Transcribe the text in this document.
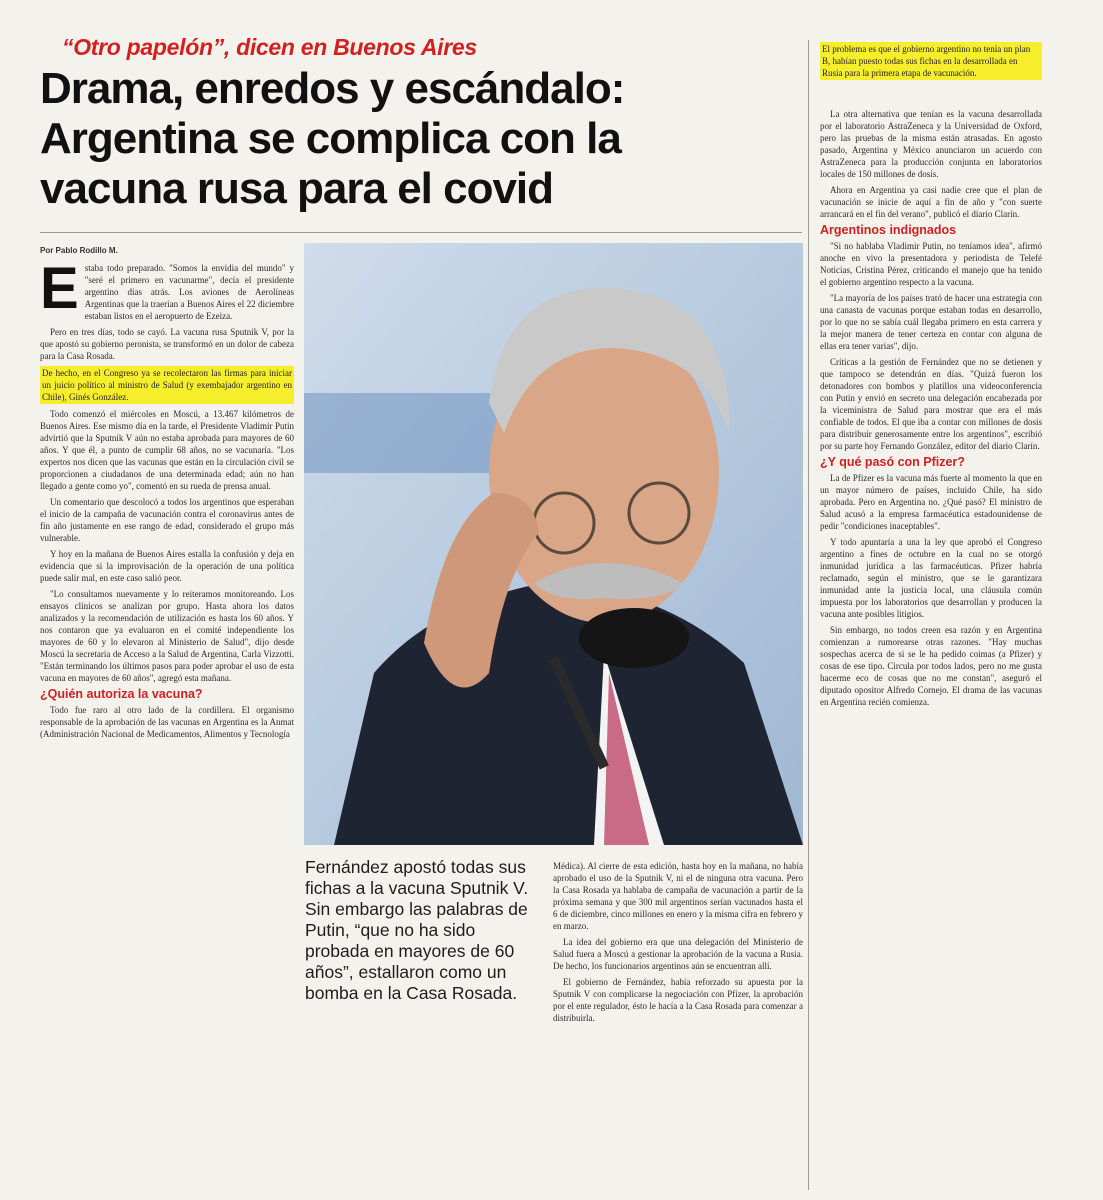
“Otro papelón”, dicen en Buenos Aires
Drama, enredos y escándalo:
Argentina se complica con la
vacuna rusa para el covid
Por Pablo Rodillo M.

Estaba todo preparado. "Somos la envidia del mundo" y "seré el primero en vacunarme", decía el presidente argentino días atrás. Los aviones de Aerolíneas Argentinas que la traerían a Buenos Aires el 22 diciembre estaban listos en el aeropuerto de Ezeiza.

Pero en tres días, todo se cayó. La vacuna rusa Sputnik V, por la que apostó su gobierno peronista, se transformó en un dolor de cabeza para la Casa Rosada.

De hecho, en el Congreso ya se recolectaron las firmas para iniciar un juicio político al ministro de Salud (y exembajador argentino en Chile), Ginés González.

Todo comenzó el miércoles en Moscú, a 13.467 kilómetros de Buenos Aires. Ese mismo día en la tarde, el Presidente Vladimir Putin advirtió que la Sputnik V aún no estaba aprobada para mayores de 60 años. Y que él, a punto de cumplir 68 años, no se vacunaría. "Los expertos nos dicen que las vacunas que están en la circulación civil se proporcionen a ciudadanos de una determinada edad; aún no han llegado a gente como yo", comentó en su rueda de prensa anual.

Un comentario que descolocó a todos los argentinos que esperaban el inicio de la campaña de vacunación contra el coronavirus antes de fin año justamente en ese rango de edad, considerado el grupo más vulnerable.

Y hoy en la mañana de Buenos Aires estalla la confusión y deja en evidencia que si la improvisación de la operación de una política puede salir mal, en este caso salió peor.

"Lo consultamos nuevamente y lo reiteramos monitoreando. Los ensayos clínicos se analizan por grupo. Hasta ahora los datos analizados y la recomendación de utilización es hasta los 60 años. Y nos contaron que ya evaluaron en el comité independiente los mayores de 60 y lo elevaron al Ministerio de Salud", dijo desde Moscú la secretaria de Acceso a la Salud de Argentina, Carla Vizzotti. "Están terminando los últimos pasos para poder aprobar el uso de esta vacuna en mayores de 60 años", agregó esta mañana.

¿Quién autoriza la vacuna?

Todo fue raro al otro lado de la cordillera. El organismo responsable de la aprobación de las vacunas en Argentina es la Anmat (Administración Nacional de Medicamentos, Alimentos y Tecnología

Fernández apostó todas sus fichas a la vacuna Sputnik V. Sin embargo las palabras de Putin, “que no ha sido probada en mayores de 60 años”, estallaron como un bomba en la Casa Rosada.

Médica). Al cierre de esta edición, hasta hoy en la mañana, no había aprobado el uso de la Sputnik V, ni el de ninguna otra vacuna. Pero la Casa Rosada ya hablaba de campaña de vacunación a partir de la próxima semana y que 300 mil argentinos serían vacunados hasta el 6 de diciembre, cinco millones en enero y la misma cifra en febrero y en marzo.

La idea del gobierno era que una delegación del Ministerio de Salud fuera a Moscú a gestionar la aprobación de la vacuna a Rusia. De hecho, los funcionarios argentinos aún se encuentran allí.

El gobierno de Fernández, había reforzado su apuesta por la Sputnik V con complicarse la negociación con Pfizer, la aprobación por el ente regulador, ésto le hacía a la Casa Rosada para comenzar a distribuirla.

El problema es que el gobierno argentino no tenía un plan B, habían puesto todas sus fichas en la desarrollada en Rusia para la primera etapa de vacunación.

La otra alternativa que tenían es la vacuna desarrollada por el laboratorio AstraZeneca y la Universidad de Oxford, pero las pruebas de la misma están atrasadas. En agosto pasado, Argentina y México anunciaron un acuerdo con AstraZeneca para la producción conjunta en laboratorios locales de 150 millones de dosis.

Ahora en Argentina ya casi nadie cree que el plan de vacunación se inicie de aquí a fin de año y "con suerte arrancará en el fin del verano", publicó el diario Clarín.

Argentinos indignados

"Si no hablaba Vladimir Putin, no teníamos idea", afirmó anoche en vivo la presentadora y periodista de Telefé Noticias, Cristina Pérez, criticando el manejo que ha tenido el gobierno argentino respecto a la vacuna.

"La mayoría de los países trató de hacer una estrategia con una canasta de vacunas porque estaban todas en desarrollo, por lo que no se sabía cuál llegaba primero en esta carrera y la mejor manera de tener certeza en contar con alguna de ellas era tener varias", dijo.

Críticas a la gestión de Fernández que no se detienen y que tampoco se detendrán en días. "Quizá fueron los detonadores con bombos y platillos una videoconferencia con Putin y envió en secreto una delegación encabezada por la viceministra de Salud para mostrar que era el más confiable de todos. El que iba a contar con millones de dosis para distribuir generosamente entre los argentinos", escribió por su parte hoy Fernando González, editor del diario Clarín.

¿Y qué pasó con Pfizer?

La de Pfizer es la vacuna más fuerte al momento la que en un mayor número de países, incluido Chile, ha sido aprobada. Pero en Argentina no. ¿Qué pasó? El ministro de Salud acusó a la empresa farmacéutica estadounidense de pedir "condiciones inaceptables".

Y todo apuntaría a una la ley que aprobó el Congreso argentino a fines de octubre en la cual no se otorgó inmunidad jurídica a las farmacéuticas. Pfizer habría reclamado, según el ministro, que se le garantizara inmunidad ante la justicia local, una cláusula común impuesta por los laboratorios que desarrollan y producen la vacuna ante posibles litigios.

Sin embargo, no todos creen esa razón y en Argentina comienzan a rumorearse otras razones. "Hay muchas sospechas acerca de si se le ha pedido coimas (a Pfizer) y cosas de ese tipo. Circula por todos lados, pero no me gusta hacerme eco de cosas que no me constan", aseguró el diputado opositor Alfredo Cornejo. El drama de las vacunas en Argentina recién comienza.
